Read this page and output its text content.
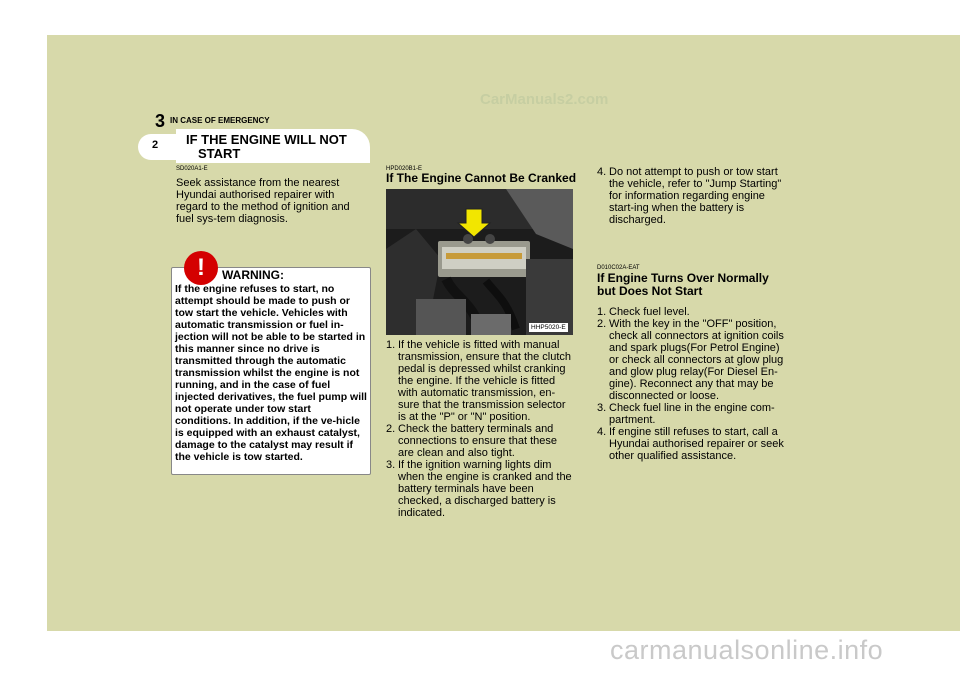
CarManuals2.com
3 IN CASE OF EMERGENCY
2 IF THE ENGINE WILL NOT
START
SD020A1-E
Seek assistance from the nearest Hyundai authorised repairer with regard to the method of ignition and fuel sys-tem diagnosis.
!	WARNING:
If the engine refuses to start, no attempt should be made to push or tow start the vehicle. Vehicles with automatic transmission or fuel in-jection will not be able to be started in this manner since no drive is transmitted through the automatic transmission whilst the engine is not running, and in the case of fuel injected derivatives, the fuel pump will not operate under tow start conditions. In addition, if the ve-hicle is equipped with an exhaust catalyst, damage to the catalyst may result if the vehicle is tow started.
HPD020B1-E
If The Engine Cannot Be Cranked
HHP5020-E
1. If the vehicle is fitted with manual transmission, ensure that the clutch pedal is depressed whilst cranking the engine. If the vehicle is fitted with automatic transmission, en-sure that the transmission selector is at the "P" or "N" position.
2. Check the battery terminals and connections to ensure that these are clean and also tight.
3. If the ignition warning lights dim when the engine is cranked and the battery terminals have been checked, a discharged battery is indicated.
4. Do not attempt to push or tow start the vehicle, refer to "Jump Starting" for information regarding engine start-ing when the battery is discharged.
D010C02A-EAT
If Engine Turns Over Normally but Does Not Start
1. Check fuel level.
2. With the key in the "OFF" position, check all connectors at ignition coils and spark plugs(For Petrol Engine) or check all connectors at glow plug and glow plug relay(For Diesel En-gine). Reconnect any that may be disconnected or loose.
3. Check fuel line in the engine com-partment.
4. If engine still refuses to start, call a Hyundai authorised repairer or seek other qualified assistance.
carmanualsonline.info
